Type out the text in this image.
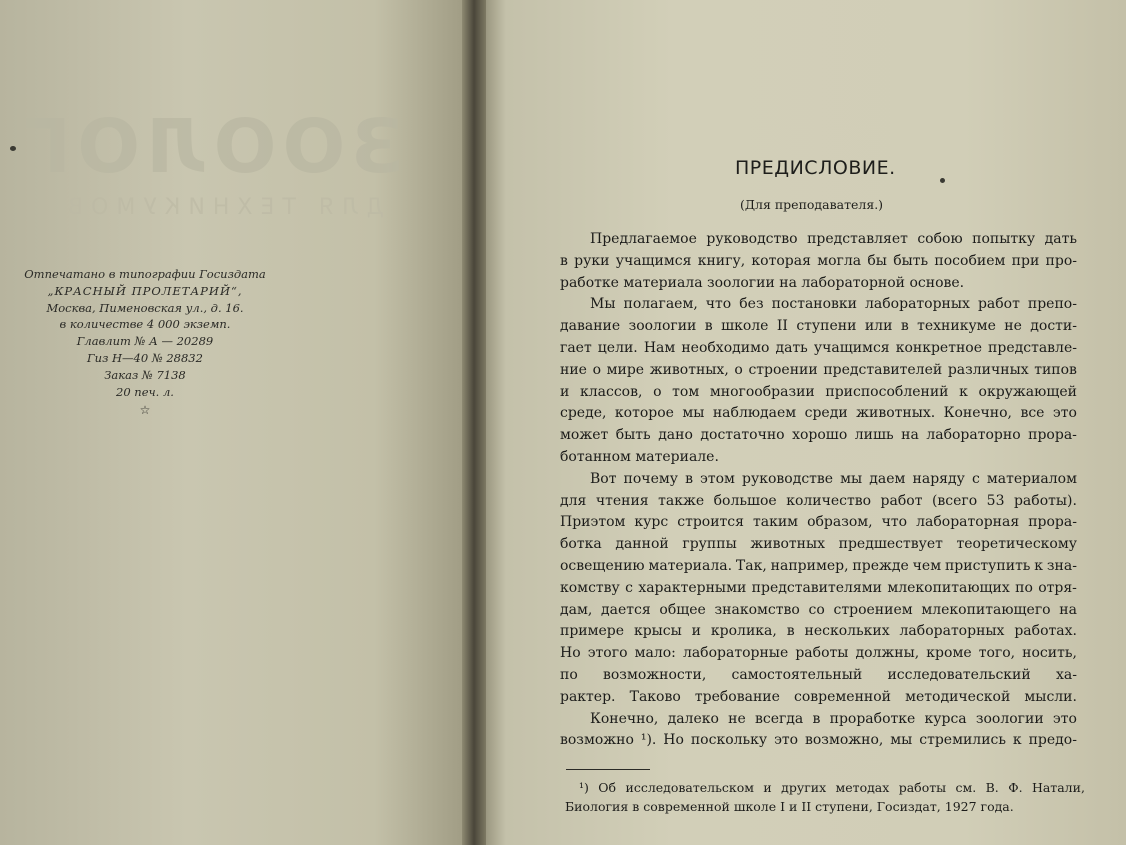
ЗООЛОГ
ДЛЯ ТЕХНИКУМОВ
Отпечатано в типографии Госиздата
„КРАСНЫЙ ПРОЛЕТАРИЙ“,
Москва, Пименовская ул., д. 16.
в количестве 4 000 экземп.
Главлит № А — 20289
Гиз Н—40 № 28832
Заказ № 7138
20 печ. л.
☆
ПРЕДИСЛОВИЕ.
(Для преподавателя.)
Предлагаемое руководство представляет собою попытку дать
в руки учащимся книгу, которая могла бы быть пособием при про-
работке материала зоологии на лабораторной основе.
Мы полагаем, что без постановки лабораторных работ препо-
давание зоологии в школе II ступени или в техникуме не дости-
гает цели. Нам необходимо дать учащимся конкретное представле-
ние о мире животных, о строении представителей различных типов
и классов, о том многообразии приспособлений к окружающей
среде, которое мы наблюдаем среди животных. Конечно, все это
может быть дано достаточно хорошо лишь на лабораторно прора-
ботанном материале.
Вот почему в этом руководстве мы даем наряду с материалом
для чтения также большое количество работ (всего 53 работы).
Приэтом курс строится таким образом, что лабораторная прора-
ботка данной группы животных предшествует теоретическому
освещению материала. Так, например, прежде чем приступить к зна-
комству с характерными представителями млекопитающих по отря-
дам, дается общее знакомство со строением млекопитающего на
примере крысы и кролика, в нескольких лабораторных работах.
Но этого мало: лабораторные работы должны, кроме того, носить,
по возможности, самостоятельный исследовательский ха-
рактер. Таково требование современной методической мысли.
Конечно, далеко не всегда в проработке курса зоологии это
возможно ¹). Но поскольку это возможно, мы стремились к предо-
¹) Об исследовательском и других методах работы см. В. Ф. Натали,
Биология в современной школе I и II ступени, Госиздат, 1927 года.
